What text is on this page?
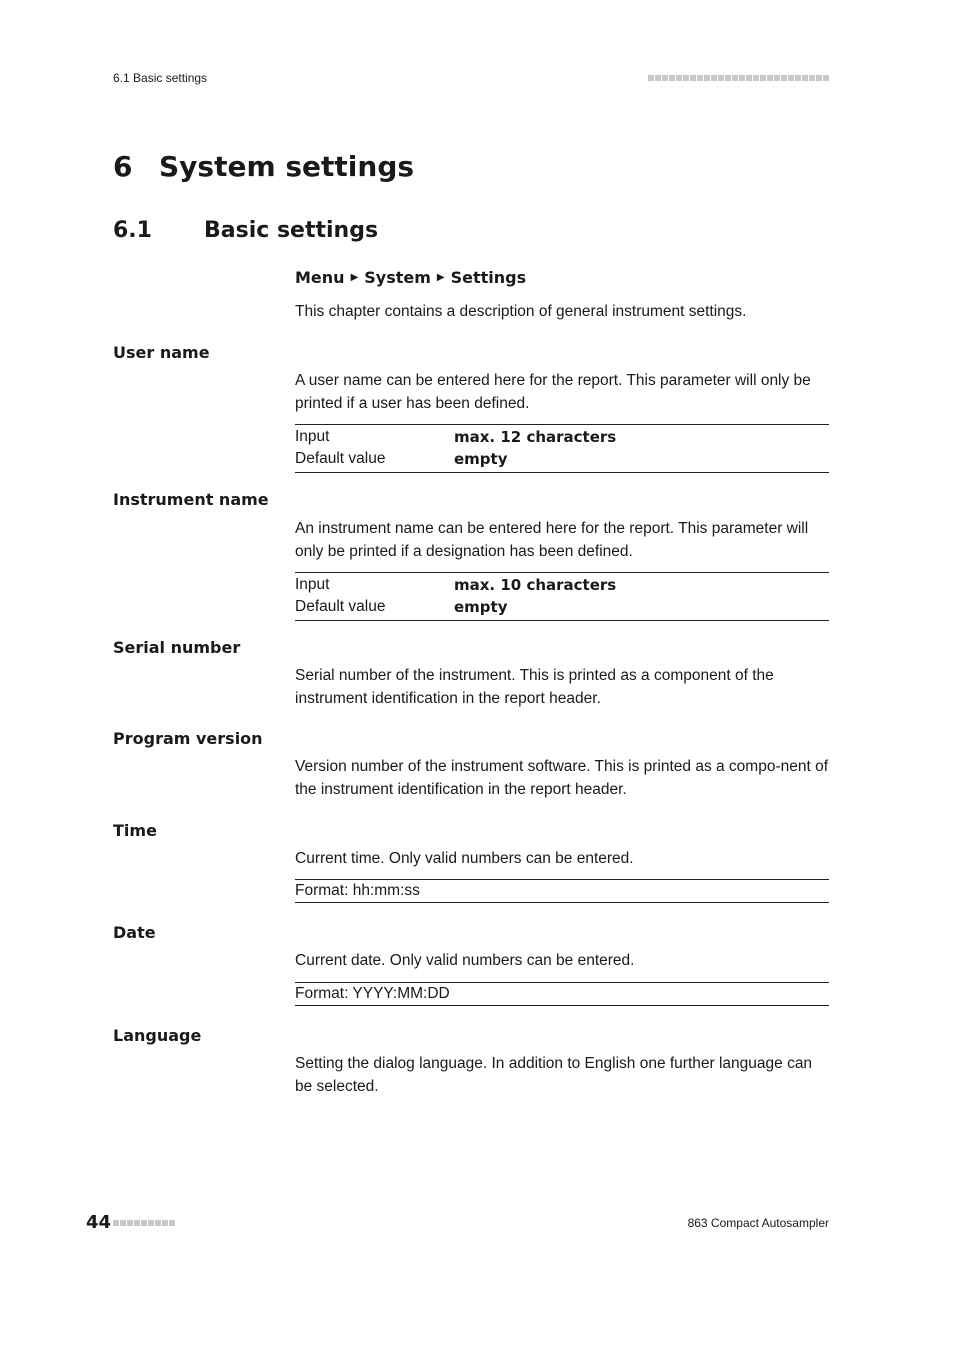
6.1 Basic settings
6 System settings
6.1 Basic settings
Menu ▶ System ▶ Settings

This chapter contains a description of general instrument settings.

User name

A user name can be entered here for the report. This parameter will only be printed if a user has been defined.

Input	max. 12 characters
Default value	empty
Instrument name

An instrument name can be entered here for the report. This parameter will only be printed if a designation has been defined.

Input	max. 10 characters
Default value	empty
Serial number

Serial number of the instrument. This is printed as a component of the instrument identification in the report header.

Program version

Version number of the instrument software. This is printed as a compo-nent of the instrument identification in the report header.

Time

Current time. Only valid numbers can be entered.

Format: hh:mm:ss
Date

Current date. Only valid numbers can be entered.

Format: YYYY:MM:DD
Language

Setting the dialog language. In addition to English one further language can be selected.

44	863 Compact Autosampler
